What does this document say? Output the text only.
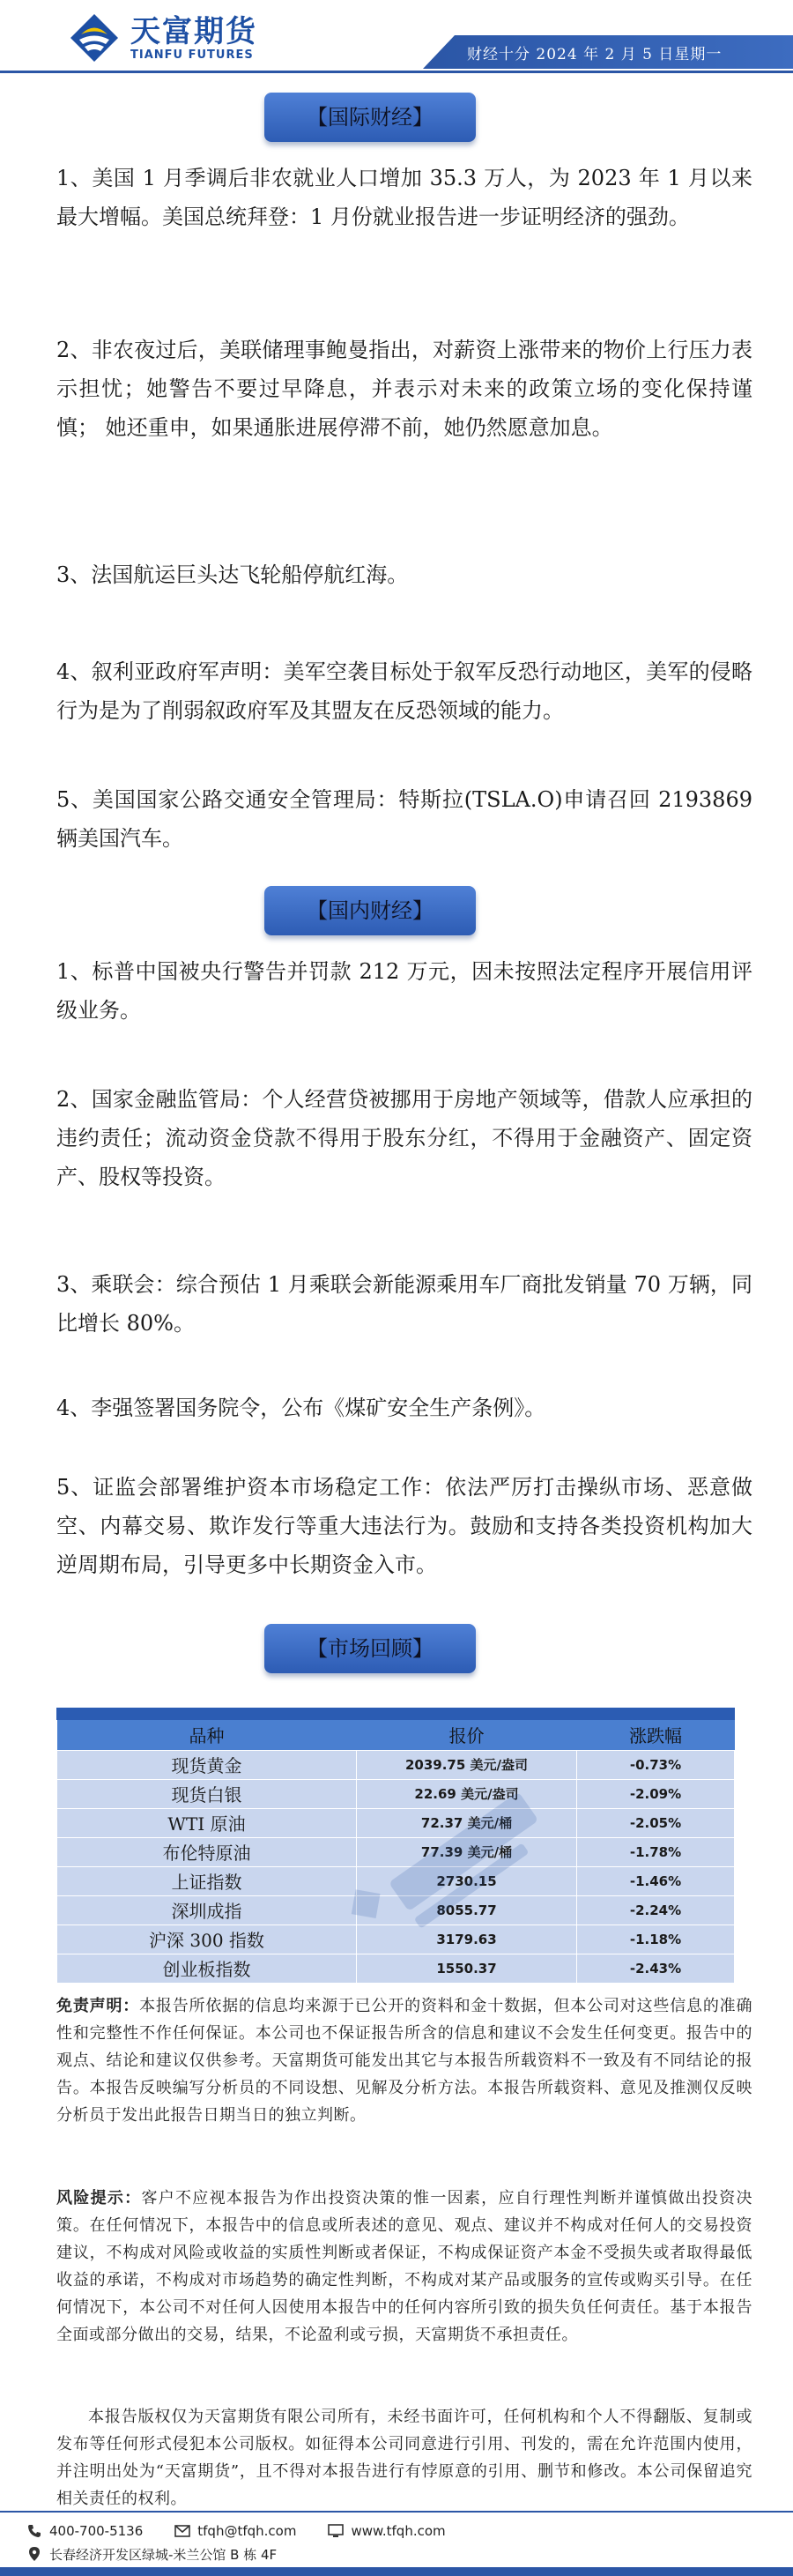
天富期货
TIANFU FUTURES	财经十分 2024 年 2 月 5 日星期一
【国际财经】
1、美国 1 月季调后非农就业人口增加 35.3 万人，为 2023 年 1 月以来最大增幅。美国总统拜登：1 月份就业报告进一步证明经济的强劲。
2、非农夜过后，美联储理事鲍曼指出，对薪资上涨带来的物价上行压力表示担忧；她警告不要过早降息，并表示对未来的政策立场的变化保持谨慎； 她还重申，如果通胀进展停滞不前，她仍然愿意加息。
3、法国航运巨头达飞轮船停航红海。
4、叙利亚政府军声明：美军空袭目标处于叙军反恐行动地区，美军的侵略行为是为了削弱叙政府军及其盟友在反恐领域的能力。
5、美国国家公路交通安全管理局：特斯拉(TSLA.O)申请召回 2193869 辆美国汽车。
【国内财经】
1、标普中国被央行警告并罚款 212 万元，因未按照法定程序开展信用评级业务。
2、国家金融监管局：个人经营贷被挪用于房地产领域等，借款人应承担的违约责任；流动资金贷款不得用于股东分红，不得用于金融资产、固定资产、股权等投资。
3、乘联会：综合预估 1 月乘联会新能源乘用车厂商批发销量 70 万辆，同比增长 80%。
4、李强签署国务院令，公布《煤矿安全生产条例》。
5、证监会部署维护资本市场稳定工作：依法严厉打击操纵市场、恶意做空、内幕交易、欺诈发行等重大违法行为。鼓励和支持各类投资机构加大逆周期布局，引导更多中长期资金入市。
【市场回顾】
品种	报价	涨跌幅
现货黄金	2039.75 美元/盎司	-0.73%
现货白银	22.69 美元/盎司	-2.09%
WTI 原油	72.37 美元/桶	-2.05%
布伦特原油	77.39 美元/桶	-1.78%
上证指数	2730.15	-1.46%
深圳成指	8055.77	-2.24%
沪深 300 指数	3179.63	-1.18%
创业板指数	1550.37	-2.43%
免责声明：本报告所依据的信息均来源于已公开的资料和金十数据，但本公司对这些信息的准确性和完整性不作任何保证。本公司也不保证报告所含的信息和建议不会发生任何变更。报告中的观点、结论和建议仅供参考。天富期货可能发出其它与本报告所载资料不一致及有不同结论的报告。本报告反映编写分析员的不同设想、见解及分析方法。本报告所载资料、意见及推测仅反映分析员于发出此报告日期当日的独立判断。
风险提示：客户不应视本报告为作出投资决策的惟一因素，应自行理性判断并谨慎做出投资决策。在任何情况下，本报告中的信息或所表述的意见、观点、建议并不构成对任何人的交易投资建议，不构成对风险或收益的实质性判断或者保证，不构成保证资产本金不受损失或者取得最低收益的承诺，不构成对市场趋势的确定性判断，不构成对某产品或服务的宣传或购买引导。在任何情况下，本公司不对任何人因使用本报告中的任何内容所引致的损失负任何责任。基于本报告全面或部分做出的交易，结果，不论盈利或亏损，天富期货不承担责任。
本报告版权仅为天富期货有限公司所有，未经书面许可，任何机构和个人不得翻版、复制或发布等任何形式侵犯本公司版权。如征得本公司同意进行引用、刊发的，需在允许范围内使用，并注明出处为“天富期货”，且不得对本报告进行有悖原意的引用、删节和修改。本公司保留追究相关责任的权利。
400-700-5136	tfqh@tfqh.com	www.tfqh.com
长春经济开发区绿城-米兰公馆 B 栋 4F
